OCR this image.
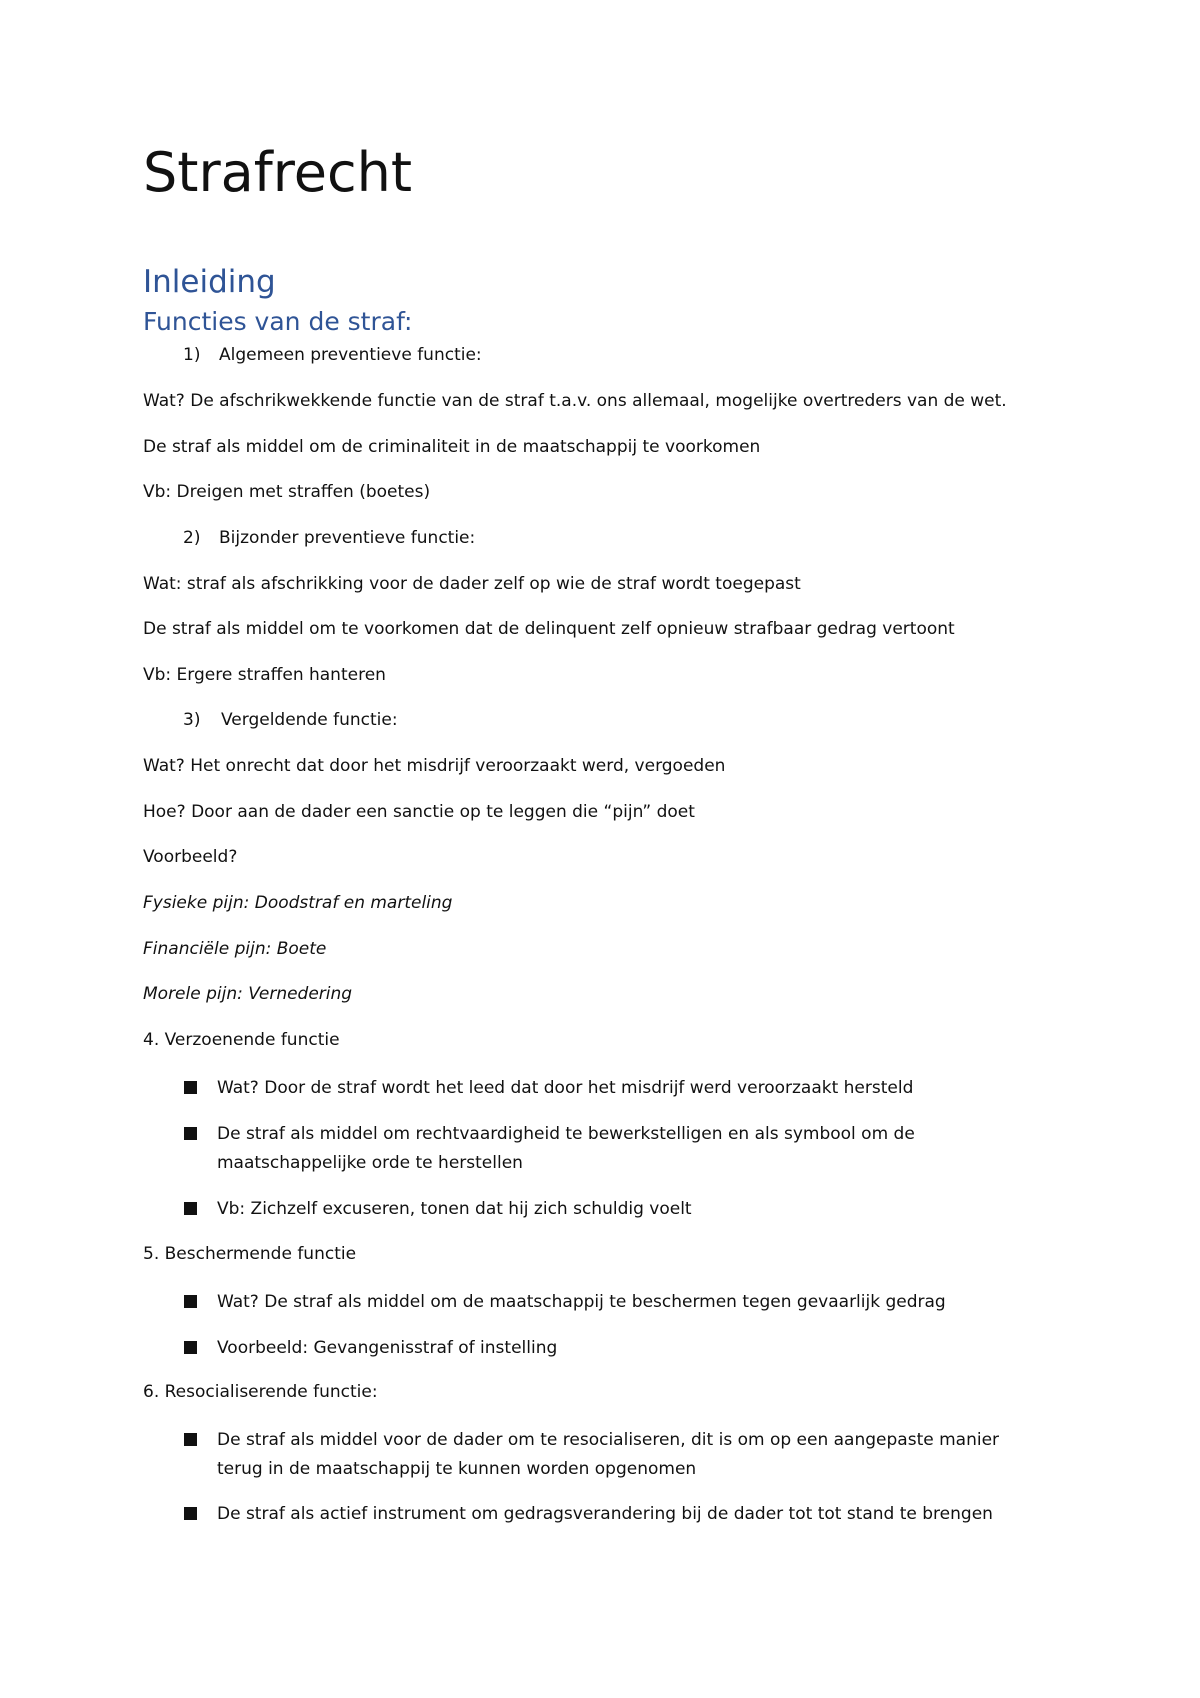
Strafrecht
Inleiding
Functies van de straf:
1) Algemeen preventieve functie:
Wat? De afschrikwekkende functie van de straf t.a.v. ons allemaal, mogelijke overtreders van de wet.
De straf als middel om de criminaliteit in de maatschappij te voorkomen
Vb: Dreigen met straffen (boetes)
2) Bijzonder preventieve functie:
Wat: straf als afschrikking voor de dader zelf op wie de straf wordt toegepast
De straf als middel om te voorkomen dat de delinquent zelf opnieuw strafbaar gedrag vertoont
Vb: Ergere straffen hanteren
3) Vergeldende functie:
Wat? Het onrecht dat door het misdrijf veroorzaakt werd, vergoeden
Hoe? Door aan de dader een sanctie op te leggen die “pijn” doet
Voorbeeld?
Fysieke pijn: Doodstraf en marteling
Financiële pijn: Boete
Morele pijn: Vernedering
4. Verzoenende functie
Wat? Door de straf wordt het leed dat door het misdrijf werd veroorzaakt hersteld
De straf als middel om rechtvaardigheid te bewerkstelligen en als symbool om de maatschappelijke orde te herstellen
Vb: Zichzelf excuseren, tonen dat hij zich schuldig voelt
5. Beschermende functie
Wat? De straf als middel om de maatschappij te beschermen tegen gevaarlijk gedrag
Voorbeeld: Gevangenisstraf of instelling
6. Resocialiserende functie:
De straf als middel voor de dader om te resocialiseren, dit is om op een aangepaste manier terug in de maatschappij te kunnen worden opgenomen
De straf als actief instrument om gedragsverandering bij de dader tot tot stand te brengen
